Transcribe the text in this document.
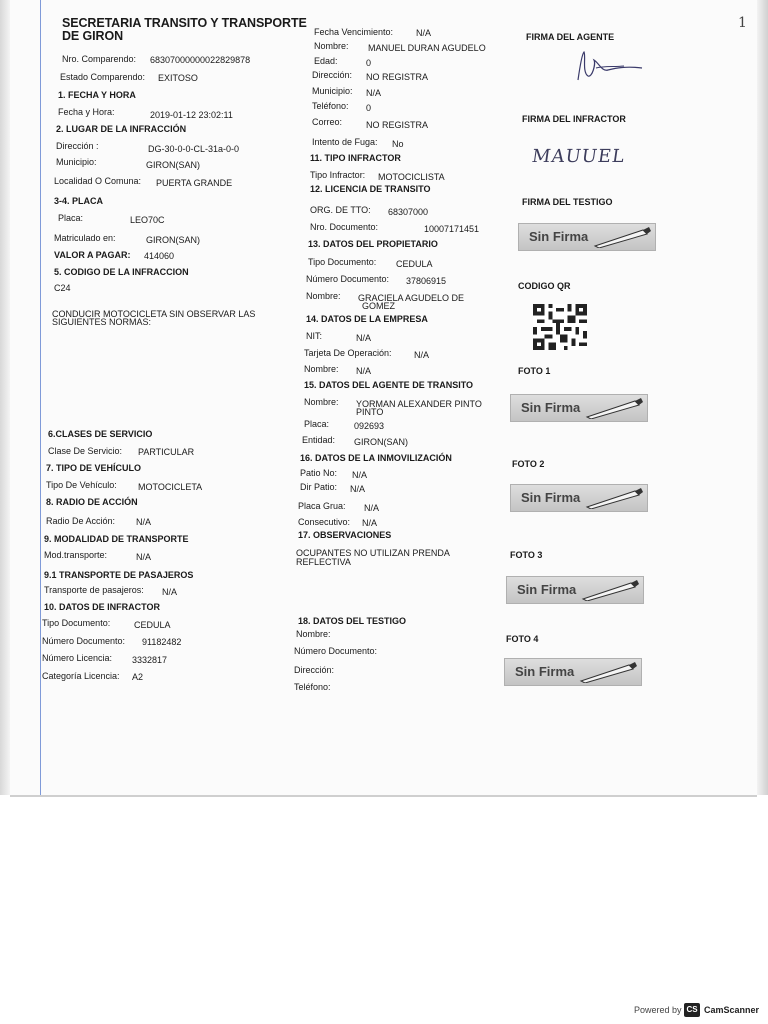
SECRETARIA TRANSITO Y TRANSPORTE
DE GIRON
1
Nro. Comparendo: 68307000000022829878
Estado Comparendo: EXITOSO
1. FECHA Y HORA
Fecha y Hora:	2019-01-12 23:02:11
2. LUGAR DE LA INFRACCIÓN
Dirección :	DG-30-0-0-CL-31a-0-0
Municipio:	GIRON(SAN)
Localidad O Comuna: PUERTA GRANDE
3-4. PLACA
Placa:	LEO70C
Matriculado en:	GIRON(SAN)
VALOR A PAGAR: 414060
5. CODIGO DE LA INFRACCION
C24
CONDUCIR MOTOCICLETA SIN OBSERVAR LAS
SIGUIENTES NORMAS:
6.CLASES DE SERVICIO
Clase De Servicio: PARTICULAR
7. TIPO DE VEHÍCULO
Tipo De Vehículo: MOTOCICLETA
8. RADIO DE ACCIÓN
Radio De Acción: N/A
9. MODALIDAD DE TRANSPORTE
Mod.transporte:	N/A
9.1 TRANSPORTE DE PASAJEROS
Transporte de pasajeros: N/A
10. DATOS DE INFRACTOR
Tipo Documento:	CEDULA
Número Documento: 91182482
Número Licencia: 3332817
Categoría Licencia: A2
Fecha Vencimiento:	N/A
Nombre: MANUEL DURAN AGUDELO
Edad:	0
Dirección: NO REGISTRA
Municipio: N/A
Teléfono: 0
Correo:	NO REGISTRA
Intento de Fuga: No
11. TIPO INFRACTOR
Tipo Infractor: MOTOCICLISTA
12. LICENCIA DE TRANSITO
ORG. DE TTO: 68307000
Nro. Documento:	10007171451
13. DATOS DEL PROPIETARIO
Tipo Documento: CEDULA
Número Documento: 37806915
Nombre: GRACIELA AGUDELO DE
GOMEZ
14. DATOS DE LA EMPRESA
NIT:	N/A
Tarjeta De Operación: N/A
Nombre: N/A
15. DATOS DEL AGENTE DE TRANSITO
Nombre: YORMAN ALEXANDER PINTO
PINTO
Placa:	092693
Entidad: GIRON(SAN)
16. DATOS DE LA INMOVILIZACIÓN
Patio No: N/A
Dir Patio: N/A
Placa Grua: N/A
Consecutivo: N/A
17. OBSERVACIONES
OCUPANTES NO UTILIZAN PRENDA
REFLECTIVA
18. DATOS DEL TESTIGO
Nombre:
Número Documento:
Dirección:
Teléfono:
FIRMA DEL AGENTE
FIRMA DEL INFRACTOR
MAUUEL
FIRMA DEL TESTIGO
Sin Firma
CODIGO QR
FOTO 1
Sin Firma
FOTO 2
Sin Firma
FOTO 3
Sin Firma
FOTO 4
Sin Firma
Powered by CS CamScanner
